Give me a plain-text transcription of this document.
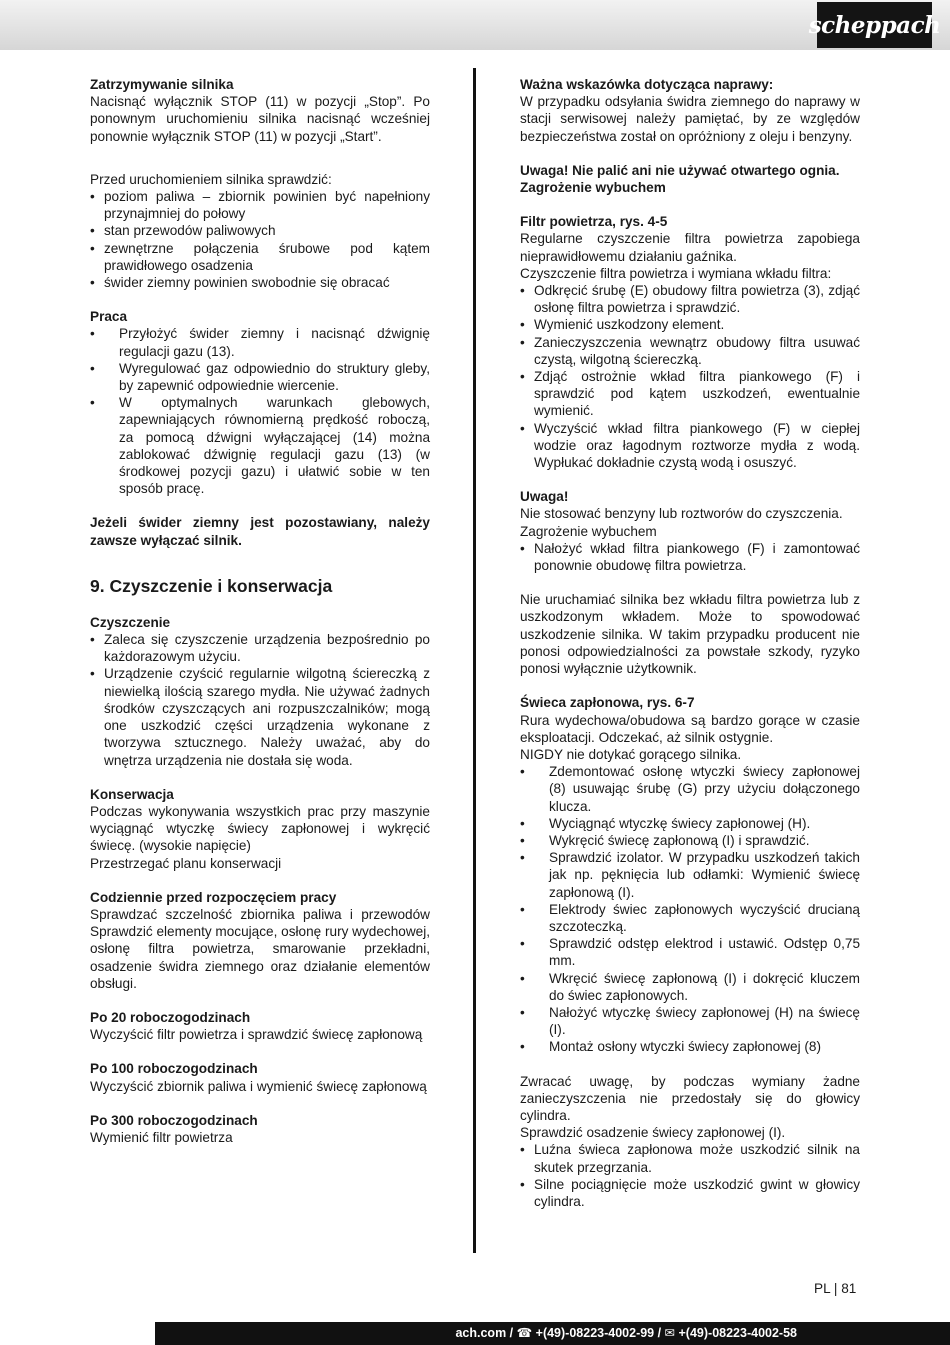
scheppach

Zatrzymywanie silnika

Nacisnąć wyłącznik STOP (11) w pozycji „Stop”. Po ponownym uruchomieniu silnika nacisnąć wcześniej ponownie wyłącznik STOP (11) w pozycji „Start”.

Przed uruchomieniem silnika sprawdzić:

• poziom paliwa – zbiornik powinien być napełniony przynajmniej do połowy
• stan przewodów paliwowych
• zewnętrzne połączenia śrubowe pod kątem prawidłowego osadzenia
• świder ziemny powinien swobodnie się obracać

Praca

• Przyłożyć świder ziemny i nacisnąć dźwignię regulacji gazu (13).
• Wyregulować gaz odpowiednio do struktury gleby, by zapewnić odpowiednie wiercenie.
• W optymalnych warunkach glebowych, zapewniających równomierną prędkość roboczą, za pomocą dźwigni wyłączającej (14) można zablokować dźwignię regulacji gazu (13) (w środkowej pozycji gazu) i ułatwić sobie w ten sposób pracę.

Jeżeli świder ziemny jest pozostawiany, należy zawsze wyłączać silnik.

9. Czyszczenie i konserwacja

Czyszczenie

• Zaleca się czyszczenie urządzenia bezpośrednio po każdorazowym użyciu.
• Urządzenie czyścić regularnie wilgotną ściereczką z niewielką ilością szarego mydła. Nie używać żadnych środków czyszczących ani rozpuszczalników; mogą one uszkodzić części urządzenia wykonane z tworzywa sztucznego. Należy uważać, aby do wnętrza urządzenia nie dostała się woda.

Konserwacja

Podczas wykonywania wszystkich prac przy maszynie wyciągnąć wtyczkę świecy zapłonowej i wykręcić świecę. (wysokie napięcie)

Przestrzegać planu konserwacji

Codziennie przed rozpoczęciem pracy

Sprawdzać szczelność zbiornika paliwa i przewodów Sprawdzić elementy mocujące, osłonę rury wydechowej, osłonę filtra powietrza, smarowanie przekładni, osadzenie świdra ziemnego oraz działanie elementów obsługi.

Po 20 roboczogodzinach

Wyczyścić filtr powietrza i sprawdzić świecę zapłonową

Po 100 roboczogodzinach

Wyczyścić zbiornik paliwa i wymienić świecę zapłonową

Po 300 roboczogodzinach

Wymienić filtr powietrza

Ważna wskazówka dotycząca naprawy:

W przypadku odsyłania świdra ziemnego do naprawy w stacji serwisowej należy pamiętać, by ze względów bezpieczeństwa został on opróżniony z oleju i benzyny.

Uwaga! Nie palić ani nie używać otwartego ognia.

Zagrożenie wybuchem

Filtr powietrza, rys. 4-5

Regularne czyszczenie filtra powietrza zapobiega nieprawidłowemu działaniu gaźnika.

Czyszczenie filtra powietrza i wymiana wkładu filtra:

• Odkręcić śrubę (E) obudowy filtra powietrza (3), zdjąć osłonę filtra powietrza i sprawdzić.
• Wymienić uszkodzony element.
• Zanieczyszczenia wewnątrz obudowy filtra usuwać czystą, wilgotną ściereczką.
• Zdjąć ostrożnie wkład filtra piankowego (F) i sprawdzić pod kątem uszkodzeń, ewentualnie wymienić.
• Wyczyścić wkład filtra piankowego (F) w ciepłej wodzie oraz łagodnym roztworze mydła z wodą. Wypłukać dokładnie czystą wodą i osuszyć.

Uwaga!

Nie stosować benzyny lub roztworów do czyszczenia.

Zagrożenie wybuchem

• Nałożyć wkład filtra piankowego (F) i zamontować ponownie obudowę filtra powietrza.

Nie uruchamiać silnika bez wkładu filtra powietrza lub z uszkodzonym wkładem. Może to spowodować uszkodzenie silnika. W takim przypadku producent nie ponosi odpowiedzialności za powstałe szkody, ryzyko ponosi wyłącznie użytkownik.

Świeca zapłonowa, rys. 6-7

Rura wydechowa/obudowa są bardzo gorące w czasie eksploatacji. Odczekać, aż silnik ostygnie.

NIGDY nie dotykać gorącego silnika.

• Zdemontować osłonę wtyczki świecy zapłonowej (8) usuwając śrubę (G) przy użyciu dołączonego klucza.
• Wyciągnąć wtyczkę świecy zapłonowej (H).
• Wykręcić świecę zapłonową (I) i sprawdzić.
• Sprawdzić izolator. W przypadku uszkodzeń takich jak np. pęknięcia lub odłamki: Wymienić świecę zapłonową (I).
• Elektrody świec zapłonowych wyczyścić drucianą szczoteczką.
• Sprawdzić odstęp elektrod i ustawić. Odstęp 0,75 mm.
• Wkręcić świecę zapłonową (I) i dokręcić kluczem do świec zapłonowych.
• Nałożyć wtyczkę świecy zapłonowej (H) na świecę (I).
• Montaż osłony wtyczki świecy zapłonowej (8)

Zwracać uwagę, by podczas wymiany żadne zanieczyszczenia nie przedostały się do głowicy cylindra.

Sprawdzić osadzenie świecy zapłonowej (I).

• Luźna świeca zapłonowa może uszkodzić silnik na skutek przegrzania.
• Silne pociągnięcie może uszkodzić gwint w głowicy cylindra.
PL | 81
ach.com / ☎ +(49)-08223-4002-99 / ✉ +(49)-08223-4002-58
